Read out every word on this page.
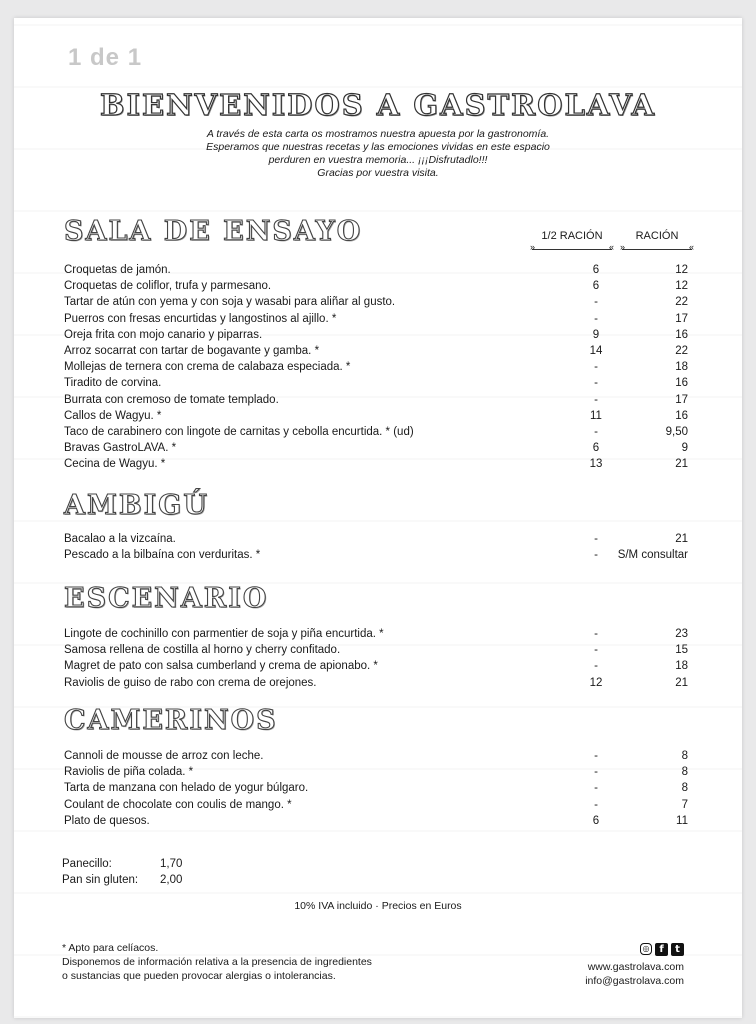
1 de 1
BIENVENIDOS A GASTROLAVA
A través de esta carta os mostramos nuestra apuesta por la gastronomía.
Esperamos que nuestras recetas y las emociones vividas en este espacio
perduren en vuestra memoria... ¡¡¡Disfrutadlo!!!
Gracias por vuestra visita.
1/2 RACIÓN
» «	RACIÓN
» «
SALA DE ENSAYO
AMBIGÚ
ESCENARIO
CAMERINOS
Croquetas de jamón.	6	12
Croquetas de coliflor, trufa y parmesano.	6	12
Tartar de atún con yema y con soja y wasabi para aliñar al gusto.	-	22
Puerros con fresas encurtidas y langostinos al ajillo. *	-	17
Oreja frita con mojo canario y piparras.	9	16
Arroz socarrat con tartar de bogavante y gamba. *	14	22
Mollejas de ternera con crema de calabaza especiada. *	-	18
Tiradito de corvina.	-	16
Burrata con cremoso de tomate templado.	-	17
Callos de Wagyu. *	11	16
Taco de carabinero con lingote de carnitas y cebolla encurtida. * (ud)	-	9,50
Bravas GastroLAVA. *	6	9
Cecina de Wagyu. *	13	21
Bacalao a la vizcaína.	-	21
Pescado a la bilbaína con verduritas. *	-	S/M consultar
Lingote de cochinillo con parmentier de soja y piña encurtida. *	-	23
Samosa rellena de costilla al horno y cherry confitado.	-	15
Magret de pato con salsa cumberland y crema de apionabo. *	-	18
Raviolis de guiso de rabo con crema de orejones.	12	21
Cannoli de mousse de arroz con leche.	-	8
Raviolis de piña colada. *	-	8
Tarta de manzana con helado de yogur búlgaro.	-	8
Coulant de chocolate con coulis de mango. *	-	7
Plato de quesos.	6	11
Panecillo:	1,70
Pan sin gluten: 2,00
10% IVA incluido · Precios en Euros
* Apto para celíacos.
Disponemos de información relativa a la presencia de ingredientes
o sustancias que pueden provocar alergias o intolerancias.
◎ f	t
www.gastrolava.com
info@gastrolava.com
